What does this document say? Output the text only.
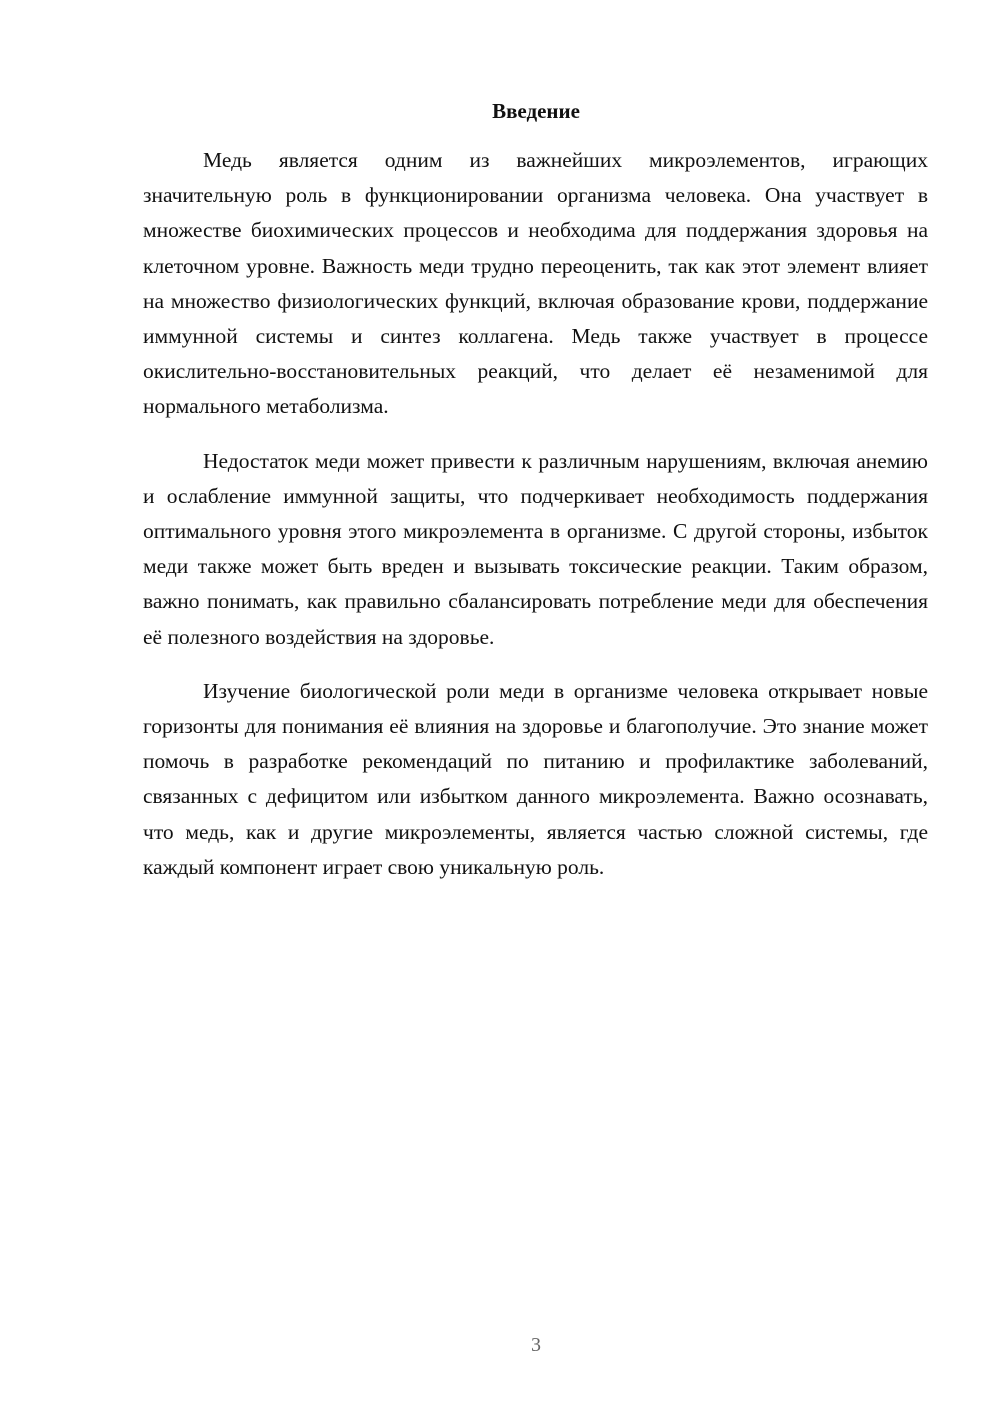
Введение

Медь является одним из важнейших микроэлементов, играющих значительную роль в функционировании организма человека. Она участвует в множестве биохимических процессов и необходима для поддержания здоровья на клеточном уровне. Важность меди трудно переоценить, так как этот элемент влияет на множество физиологических функций, включая образование крови, поддержание иммунной системы и синтез коллагена. Медь также участвует в процессе окислительно-восстановительных реакций, что делает её незаменимой для нормального метаболизма.

Недостаток меди может привести к различным нарушениям, включая анемию и ослабление иммунной защиты, что подчеркивает необходимость поддержания оптимального уровня этого микроэлемента в организме. С другой стороны, избыток меди также может быть вреден и вызывать токсические реакции. Таким образом, важно понимать, как правильно сбалансировать потребление меди для обеспечения её полезного воздействия на здоровье.

Изучение биологической роли меди в организме человека открывает новые горизонты для понимания её влияния на здоровье и благополучие. Это знание может помочь в разработке рекомендаций по питанию и профилактике заболеваний, связанных с дефицитом или избытком данного микроэлемента. Важно осознавать, что медь, как и другие микроэлементы, является частью сложной системы, где каждый компонент играет свою уникальную роль.

3
